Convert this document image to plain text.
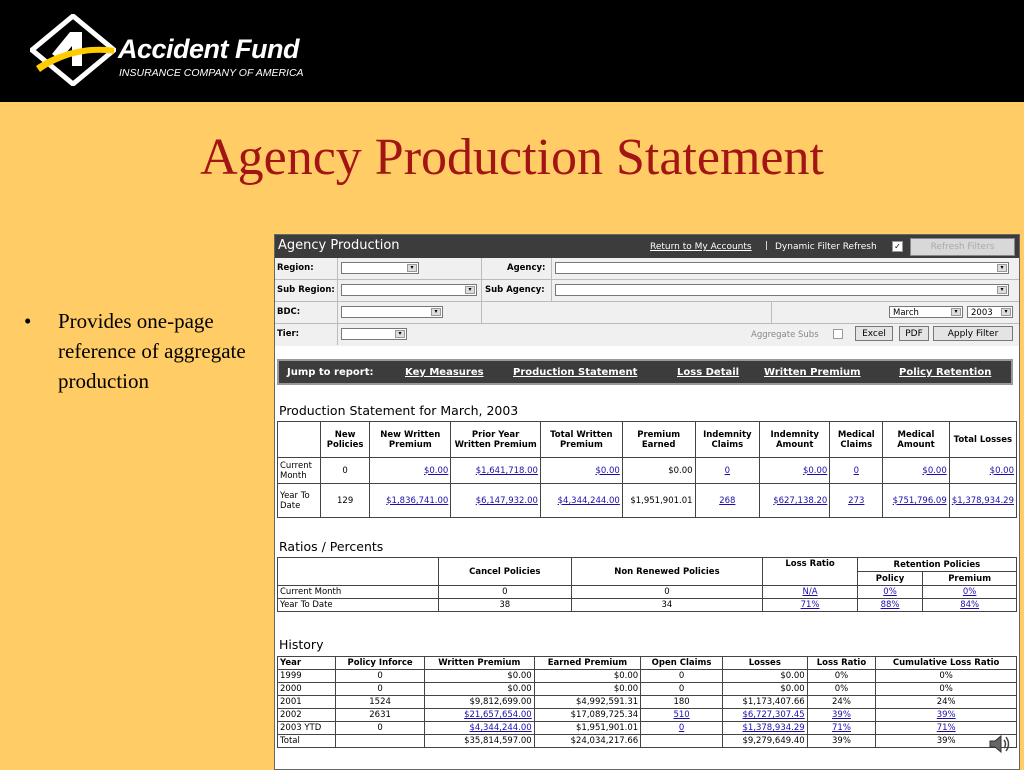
Accident Fund
INSURANCE COMPANY OF AMERICA
Agency Production Statement
• Provides one-page reference of aggregate production
Agency Production	Return to My Accounts | Dynamic Filter Refresh ✓	Refresh Filters
Region:	▾	Agency:	▾
Sub Region:	▾	Sub Agency:	▾
BDC:	▾	March	▾	2003	▾
Tier:	▾	Aggregate Subs	Excel	PDF	Apply Filter
Jump to report:	Key Measures	Production Statement	Loss Detail Written Premium	Policy Retention
Production Statement for March, 2003
	New Policies	New Written Premium	Prior Year Written Premium	Total Written Premium	Premium Earned	Indemnity Claims	Indemnity Amount	Medical Claims	Medical Amount	Total Losses
Current Month	0	$0.00	$1,641,718.00	$0.00	$0.00	0	$0.00	0	$0.00	$0.00
Year To Date	129	$1,836,741.00	$6,147,932.00	$4,344,244.00	$1,951,901.01	268	$627,138.20	273	$751,796.09	$1,378,934.29
Ratios / Percents
	Cancel Policies	Non Renewed Policies	Loss Ratio	Retention Policies	
				Policy	Premium
Current Month	0	0	N/A	0%	0%
Year To Date	38	34	71%	88%	84%
History
Year	Policy Inforce	Written Premium	Earned Premium	Open Claims	Losses	Loss Ratio	Cumulative Loss Ratio
1999	0	$0.00	$0.00	0	$0.00	0%	0%
2000	0	$0.00	$0.00	0	$0.00	0%	0%
2001	1524	$9,812,699.00	$4,992,591.31	180	$1,173,407.66	24%	24%
2002	2631	$21,657,654.00	$17,089,725.34	510	$6,727,307.45	39%	39%
2003 YTD	0	$4,344,244.00	$1,951,901.01	0	$1,378,934.29	71%	71%
Total		$35,814,597.00	$24,034,217.66		$9,279,649.40	39%	39%
